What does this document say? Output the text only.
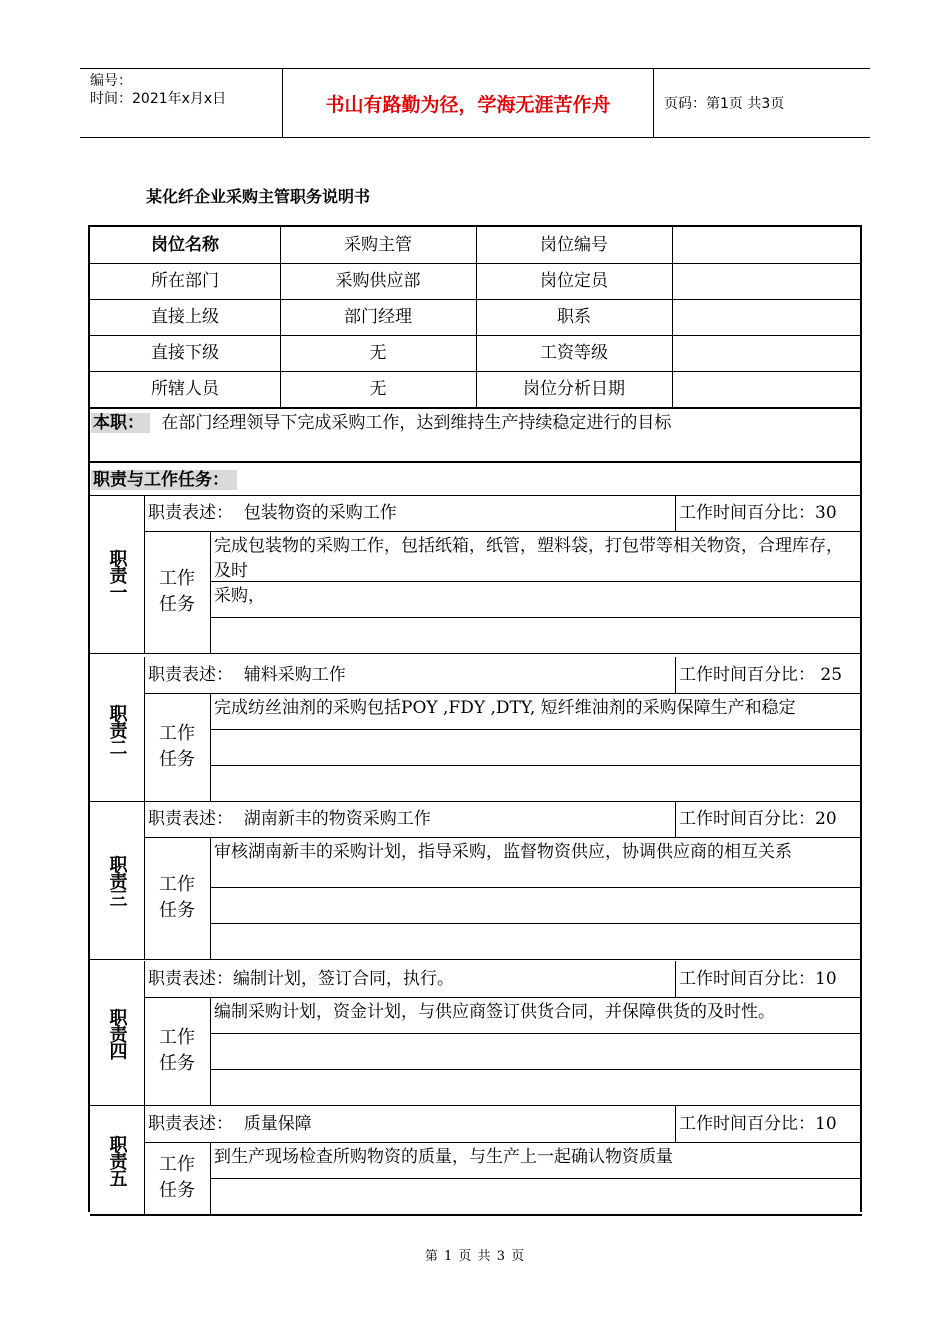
编号：
时间：2021年x月x日	书山有路勤为径，学海无涯苦作舟	页码：第1页 共3页
某化纤企业采购主管职务说明书
岗位名称	采购主管	岗位编号
所在部门	采购供应部	岗位定员
直接上级	部门经理	职系
直接下级	无	工资等级
所辖人员	无	岗位分析日期
本职： 在部门经理领导下完成采购工作，达到维持生产持续稳定进行的目标
职责与工作任务：
职责一
职责表述：  包装物资的采购工作	工作时间百分比：30
工作任务
完成包装物的采购工作，包括纸箱，纸管，塑料袋，打包带等相关物资，合理库存，及时
采购，
职责二
职责表述：  辅料采购工作	工作时间百分比： 25
工作任务
完成纺丝油剂的采购包括POY ,FDY ,DTY, 短纤维油剂的采购保障生产和稳定
职责三
职责表述：  湖南新丰的物资采购工作	工作时间百分比：20
工作任务
审核湖南新丰的采购计划，指导采购，监督物资供应，协调供应商的相互关系
职责四
职责表述：编制计划，签订合同，执行。	工作时间百分比：10
工作任务
编制采购计划，资金计划，与供应商签订供货合同，并保障供货的及时性。
职责五
职责表述：  质量保障	工作时间百分比：10
工作任务
到生产现场检查所购物资的质量，与生产上一起确认物资质量
第 1 页 共 3 页
